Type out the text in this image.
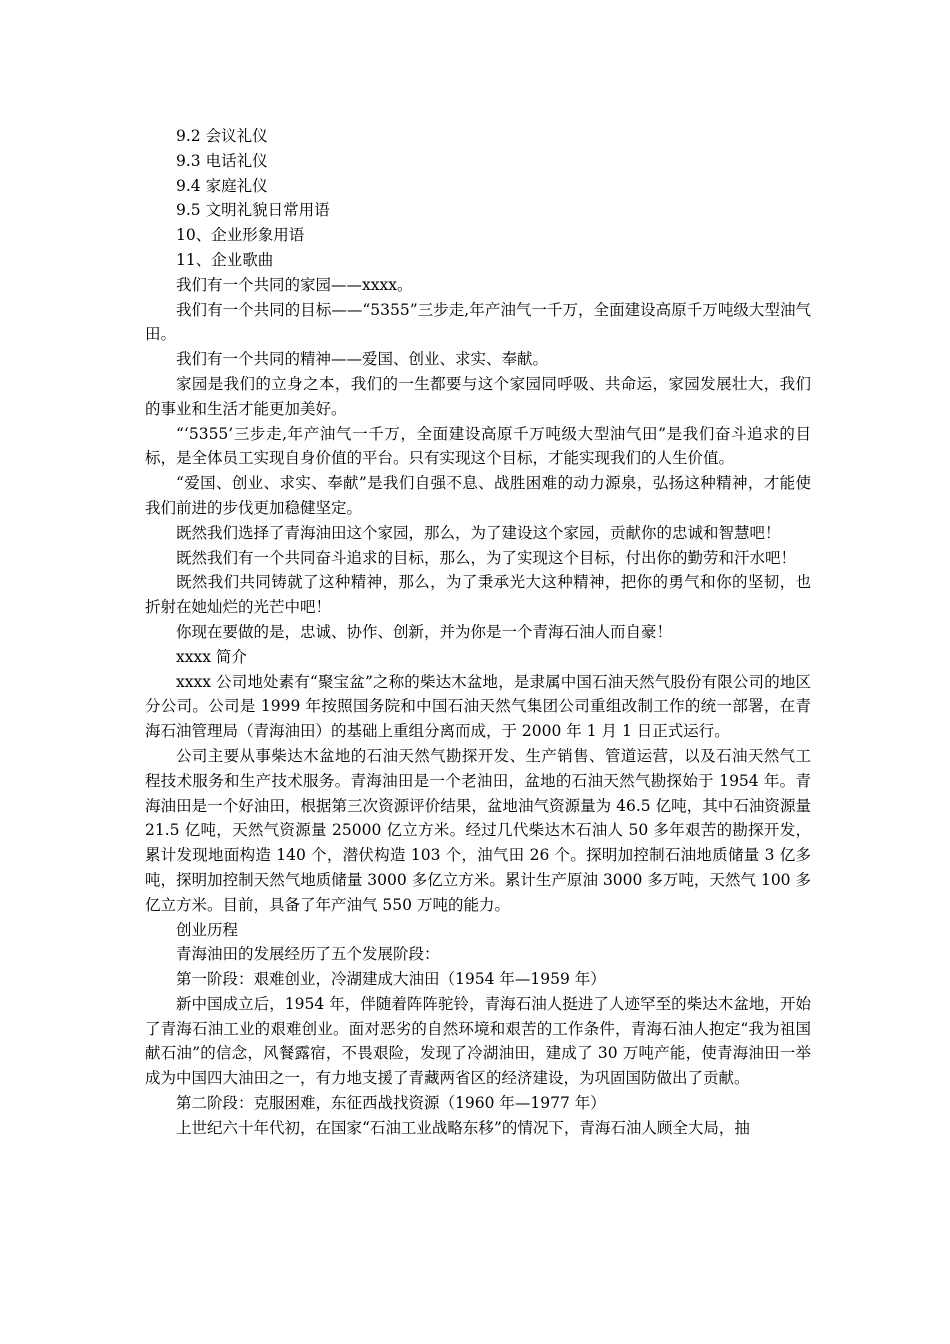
9.2 会议礼仪

9.3 电话礼仪

9.4 家庭礼仪

9.5 文明礼貌日常用语

10、企业形象用语

11、企业歌曲

我们有一个共同的家园——xxxx。

我们有一个共同的目标——“5355”三步走,年产油气一千万，全面建设高原千万吨级大型油气田。

我们有一个共同的精神——爱国、创业、求实、奉献。

家园是我们的立身之本，我们的一生都要与这个家园同呼吸、共命运，家园发展壮大，我们的事业和生活才能更加美好。

“‘5355’三步走,年产油气一千万，全面建设高原千万吨级大型油气田”是我们奋斗追求的目标，是全体员工实现自身价值的平台。只有实现这个目标，才能实现我们的人生价值。

“爱国、创业、求实、奉献”是我们自强不息、战胜困难的动力源泉，弘扬这种精神，才能使我们前进的步伐更加稳健坚定。

既然我们选择了青海油田这个家园，那么，为了建设这个家园，贡献你的忠诚和智慧吧！

既然我们有一个共同奋斗追求的目标，那么，为了实现这个目标，付出你的勤劳和汗水吧！

既然我们共同铸就了这种精神，那么，为了秉承光大这种精神，把你的勇气和你的坚韧，也折射在她灿烂的光芒中吧！

你现在要做的是，忠诚、协作、创新，并为你是一个青海石油人而自豪！

xxxx 简介

xxxx 公司地处素有“聚宝盆”之称的柴达木盆地，是隶属中国石油天然气股份有限公司的地区分公司。公司是 1999 年按照国务院和中国石油天然气集团公司重组改制工作的统一部署，在青海石油管理局（青海油田）的基础上重组分离而成，于 2000 年 1 月 1 日正式运行。

公司主要从事柴达木盆地的石油天然气勘探开发、生产销售、管道运营，以及石油天然气工程技术服务和生产技术服务。青海油田是一个老油田，盆地的石油天然气勘探始于 1954 年。青海油田是一个好油田，根据第三次资源评价结果，盆地油气资源量为 46.5 亿吨，其中石油资源量 21.5 亿吨，天然气资源量 25000 亿立方米。经过几代柴达木石油人 50 多年艰苦的勘探开发，累计发现地面构造 140 个，潜伏构造 103 个，油气田 26 个。探明加控制石油地质储量 3 亿多吨，探明加控制天然气地质储量 3000 多亿立方米。累计生产原油 3000 多万吨，天然气 100 多亿立方米。目前，具备了年产油气 550 万吨的能力。

创业历程

青海油田的发展经历了五个发展阶段：

第一阶段：艰难创业，冷湖建成大油田（1954 年—1959 年）

新中国成立后，1954 年，伴随着阵阵驼铃，青海石油人挺进了人迹罕至的柴达木盆地，开始了青海石油工业的艰难创业。面对恶劣的自然环境和艰苦的工作条件，青海石油人抱定“我为祖国献石油”的信念，风餐露宿，不畏艰险，发现了冷湖油田，建成了 30 万吨产能，使青海油田一举成为中国四大油田之一，有力地支援了青藏两省区的经济建设，为巩固国防做出了贡献。

第二阶段：克服困难，东征西战找资源（1960 年—1977 年）

上世纪六十年代初，在国家“石油工业战略东移”的情况下，青海石油人顾全大局，抽
